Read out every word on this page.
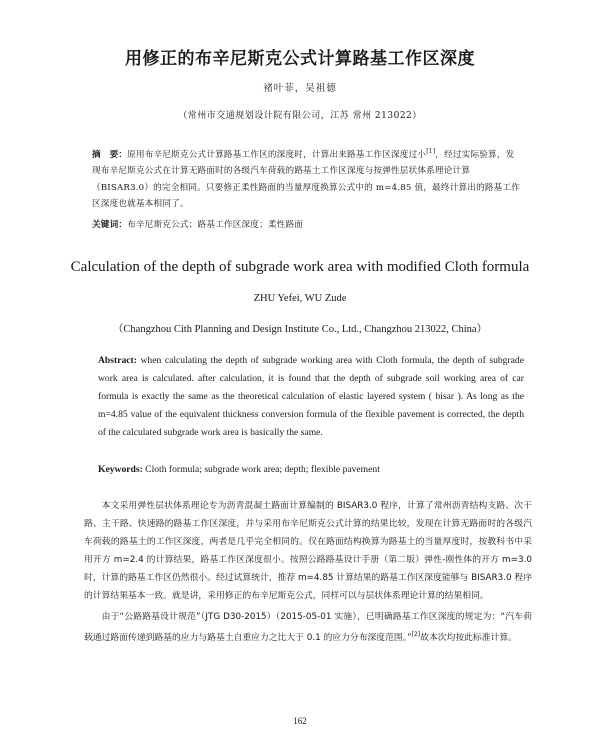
用修正的布辛尼斯克公式计算路基工作区深度
褚叶菲，吴祖德
（常州市交通规划设计院有限公司，江苏 常州 213022）
摘　要：原用布辛尼斯克公式计算路基工作区的深度时，计算出来路基工作区深度过小[1]，经过实际验算，发现布辛尼斯克公式在计算无路面时的各级汽车荷载的路基土工作区深度与按弹性层状体系理论计算（BISAR3.0）的完全相同。只要修正柔性路面的当量厚度换算公式中的 m=4.85 值，最终计算出的路基工作区深度也就基本相同了。
关键词：布辛尼斯克公式；路基工作区深度；柔性路面
Calculation of the depth of subgrade work area with modified Cloth formula
ZHU Yefei, WU Zude
（Changzhou Cith Planning and Design Institute Co., Ltd., Changzhou 213022, China）
Abstract: when calculating the depth of subgrade working area with Cloth formula, the depth of subgrade work area is calculated. after calculation, it is found that the depth of subgrade soil working area of car formula is exactly the same as the theoretical calculation of elastic layered system ( bisar ). As long as the m=4.85 value of the equivalent thickness conversion formula of the flexible pavement is corrected, the depth of the calculated subgrade work area is basically the same.
Keywords: Cloth formula; subgrade work area; depth; flexible pavement

本文采用弹性层状体系理论专为沥青混凝土路面计算编制的 BISAR3.0 程序，计算了常州沥青结构支路、次干路、主干路、快速路的路基工作区深度，并与采用布辛尼斯克公式计算的结果比较，发现在计算无路面时的各级汽车荷载的路基土的工作区深度，两者是几乎完全相同的。仅在路面结构换算为路基土的当量厚度时，按教科书中采用开方 m=2.4 的计算结果，路基工作区深度很小。按照公路路基设计手册（第二版）弹性-刚性体的开方 m=3.0 时，计算的路基工作区仍然很小。经过试算统计，推荐 m=4.85 计算结果的路基工作区深度能够与 BISAR3.0 程序的计算结果基本一致。就是讲，采用修正的布辛尼斯克公式，同样可以与层状体系理论计算的结果相同。

由于“公路路基设计规范”（JTG D30-2015）（2015-05-01 实施），已明确路基工作区深度的规定为：“汽车荷载通过路面传递到路基的应力与路基土自重应力之比大于 0.1 的应力分布深度范围。”[2]故本次均按此标准计算。

162
